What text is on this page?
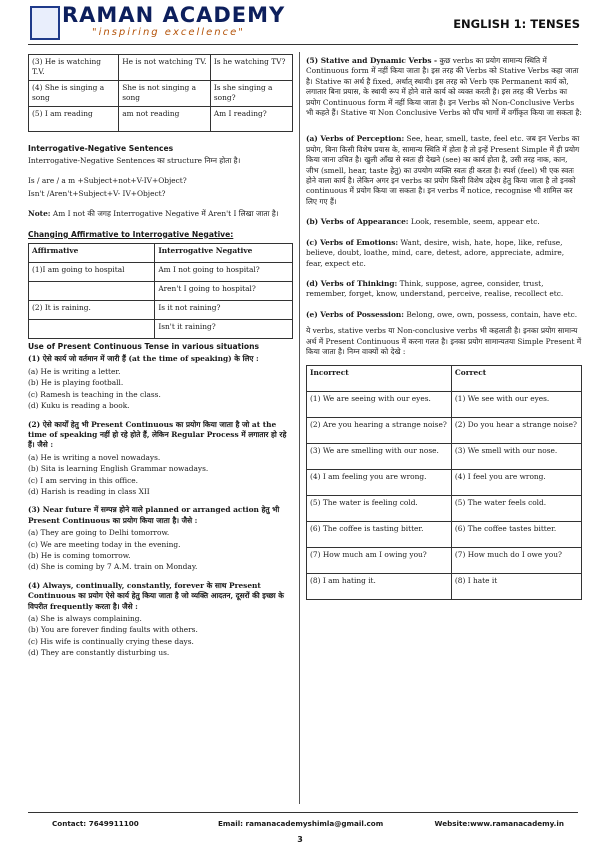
RAMAN ACADEMY
"inspiring excellence"
ENGLISH 1: TENSES
(3) He is watching T.V.	He is not watching TV.	Is he watching TV?
(4) She is singing a song	She is not singing a song	Is she singing a song?
(5) I am reading	am not reading	Am I reading?
Interrogative-Negative Sentences
Interrogative-Negative Sentences का structure निम्न होता है।
Is / are / a m +Subject+not+V-IV+Object?
Isn't /Aren't+Subject+V- IV+Object?
Note: Am I not की जगह Interrogative Negative में Aren't I लिखा जाता है।
Changing Affirmative to Interrogative Negative:
Affirmative	Interrogative Negative
(1)I am going to hospital	Am I not going to hospital?
	Aren't I going to hospital?
(2) It is raining.	Is it not raining?
	Isn't it raining?
Use of Present Continuous Tense in various situations
(1) ऐसे कार्य जो वर्तमान में जारी हैं (at the time of speaking) के लिए :
(a) He is writing a letter.
(b) He is playing football.
(c) Ramesh is teaching in the class.
(d) Kuku is reading a book.
(2) ऐसे कार्यों हेतु भी Present Continuous का प्रयोग किया जाता है जो at the time of speaking नहीं हो रहे होते हैं, लेकिन Regular Process में लगातार हो रहे हैं। जैसे :
(a) He is writing a novel nowadays.
(b) Sita is learning English Grammar nowadays.
(c) I am serving in this office.
(d) Harish is reading in class XII
(3) Near future में सम्पन्न होने वाले planned or arranged action हेतु भी Present Continuous का प्रयोग किया जाता है। जैसे :
(a) They are going to Delhi tomorrow.
(c) We are meeting today in the evening.
(b) He is coming tomorrow.
(d) She is coming by 7 A.M. train on Monday.
(4) Always, continually, constantly, forever के साथ Present Continuous का प्रयोग ऐसे कार्य हेतु किया जाता है जो व्यक्ति आदतन, दूसरों की इच्छा के विपरीत frequently करता है। जैसे :
(a) She is always complaining.
(b) You are forever finding faults with others.
(c) His wife is continually crying these days.
(d) They are constantly disturbing us.
(5) Stative and Dynamic Verbs - कुछ verbs का प्रयोग सामान्य स्थिति में Continuous form में नहीं किया जाता है। इस तरह की Verbs को Stative Verbs कहा जाता है। Stative का अर्थ है fixed, अर्थात् स्थायी। इस तरह को Verb एक Permanent कार्य को, लगातार बिना प्रयास, के स्थायी रूप में होने वाले कार्य को व्यक्त करती है। इस तरह की Verbs का प्रयोग Continuous form में नहीं किया जाता है। इन Verbs को Non-Conclusive Verbs भी कहते हैं। Stative या Non Conclusive Verbs को पाँच भागों में वर्गीकृत किया जा सकता है:
(a) Verbs of Perception: See, hear, smell, taste, feel etc. जब इन Verbs का प्रयोग, बिना किसी विशेष प्रयास के, सामान्य स्थिति में होता है तो इन्हें Present Simple में ही प्रयोग किया जाना उचित है। खुली आँख से स्वतः ही देखने (see) का कार्य होता है, उसी तरह नाक, कान, जीभ (smell, hear, taste हेतु) का उपयोग व्यक्ति स्वतः ही करता है। स्पर्श (feel) भी एक स्वतः होने वाला कार्य है। लेकिन अगर इन verbs का प्रयोग किसी विशेष उद्देश्य हेतु किया जाता है तो इनको continuous में प्रयोग किया जा सकता है। इन verbs में notice, recognise भी शामिल कर लिए गए हैं।
(b) Verbs of Appearance: Look, resemble, seem, appear etc.
(c) Verbs of Emotions: Want, desire, wish, hate, hope, like, refuse, believe, doubt, loathe, mind, care, detest, adore, appreciate, admire, fear, expect etc.
(d) Verbs of Thinking: Think, suppose, agree, consider, trust, remember, forget, know, understand, perceive, realise, recollect etc.
(e) Verbs of Possession: Belong, owe, own, possess, contain, have etc.
ये verbs, stative verbs या Non-conclusive verbs भी कहलाती है। इनका प्रयोग सामान्य अर्थ में Present Continuous में करना गलत है। इनका प्रयोग सामान्यतया Simple Present में किया जाता है। निम्न वाक्यों को देखे :
Incorrect	Correct
(1) We are seeing with our eyes.	(1) We see with our eyes.
(2) Are you hearing a strange noise?	(2) Do you hear a strange noise?
(3) We are smelling with our nose.	(3) We smell with our nose.
(4) I am feeling you are wrong.	(4) I feel you are wrong.
(5) The water is feeling cold.	(5) The water feels cold.
(6) The coffee is tasting bitter.	(6) The coffee tastes bitter.
(7) How much am I owing you?	(7) How much do I owe you?
(8) I am hating it.	(8) I hate it
Contact: 7649911100	Email: ramanacademyshimla@gmail.com	Website:www.ramanacademy.in
3
